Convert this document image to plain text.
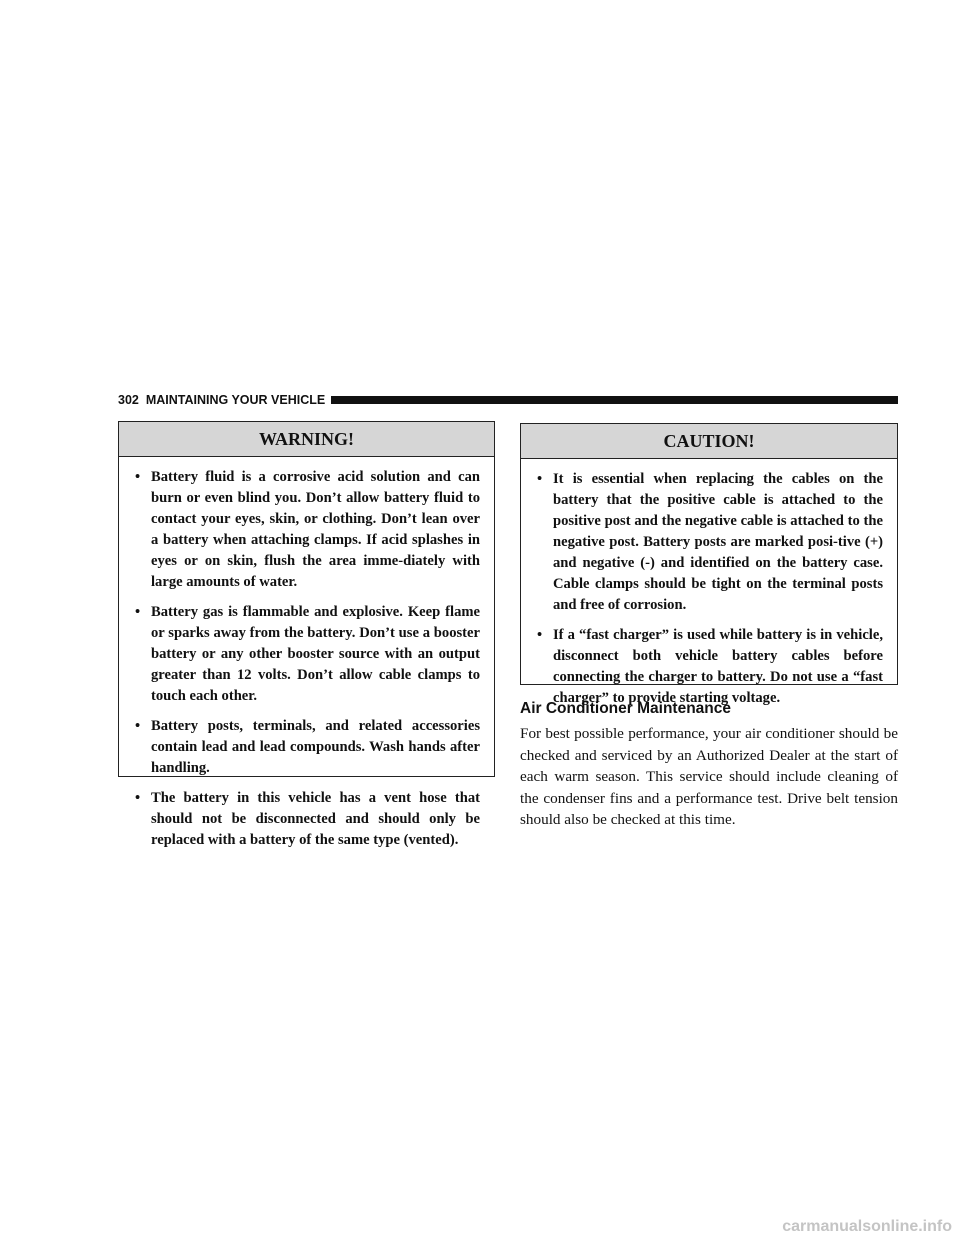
302
MAINTAINING YOUR VEHICLE
WARNING!
• Battery fluid is a corrosive acid solution and can burn or even blind you. Don’t allow battery fluid to contact your eyes, skin, or clothing. Don’t lean over a battery when attaching clamps. If acid splashes in eyes or on skin, flush the area imme-diately with large amounts of water.
• Battery gas is flammable and explosive. Keep flame or sparks away from the battery. Don’t use a booster battery or any other booster source with an output greater than 12 volts. Don’t allow cable clamps to touch each other.
• Battery posts, terminals, and related accessories contain lead and lead compounds. Wash hands after handling.
• The battery in this vehicle has a vent hose that should not be disconnected and should only be replaced with a battery of the same type (vented).
CAUTION!
• It is essential when replacing the cables on the battery that the positive cable is attached to the positive post and the negative cable is attached to the negative post. Battery posts are marked posi-tive (+) and negative (-) and identified on the battery case. Cable clamps should be tight on the terminal posts and free of corrosion.
• If a “fast charger” is used while battery is in vehicle, disconnect both vehicle battery cables before connecting the charger to battery. Do not use a “fast charger” to provide starting voltage.
Air Conditioner Maintenance

For best possible performance, your air conditioner should be checked and serviced by an Authorized Dealer at the start of each warm season. This service should include cleaning of the condenser fins and a performance test. Drive belt tension should also be checked at this time.

carmanualsonline.info
